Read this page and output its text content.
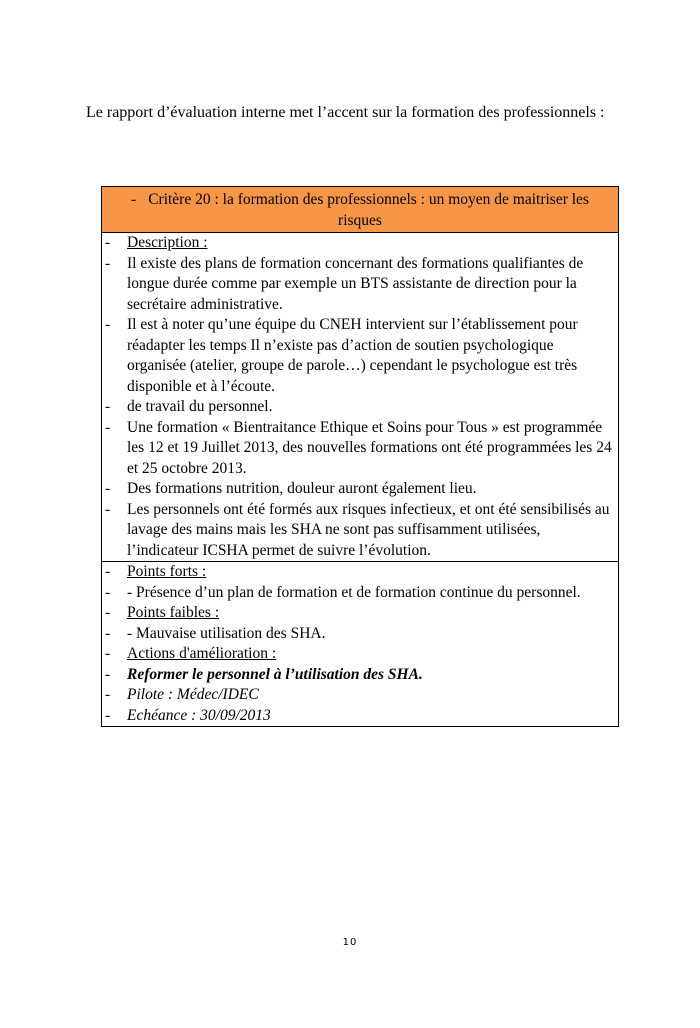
Le rapport d’évaluation interne met l’accent sur la formation des professionnels :

- Critère 20 : la formation des professionnels : un moyen de maitriser les risques
-	Description :
-	Il existe des plans de formation concernant des formations qualifiantes de longue durée comme par exemple un BTS assistante de direction pour la secrétaire administrative.
-	Il est à noter qu’une équipe du CNEH intervient sur l’établissement pour réadapter les temps Il n’existe pas d’action de soutien psychologique organisée (atelier, groupe de parole…) cependant le psychologue est très disponible et à l’écoute.
-	de travail du personnel.
-	Une formation « Bientraitance Ethique et Soins pour Tous » est programmée les 12 et 19 Juillet 2013, des nouvelles formations ont été programmées les 24 et 25 octobre 2013.
-	Des formations nutrition, douleur auront également lieu.
-	Les personnels ont été formés aux risques infectieux, et ont été sensibilisés au lavage des mains mais les SHA ne sont pas suffisamment utilisées, l’indicateur ICSHA permet de suivre l’évolution.
-	Points forts :
-	- Présence d’un plan de formation et de formation continue du personnel.
-	Points faibles :
-	- Mauvaise utilisation des SHA.
-	Actions d'amélioration :
-	Reformer le personnel à l’utilisation des SHA.
-	Pilote : Médec/IDEC
-	Echéance : 30/09/2013
10
